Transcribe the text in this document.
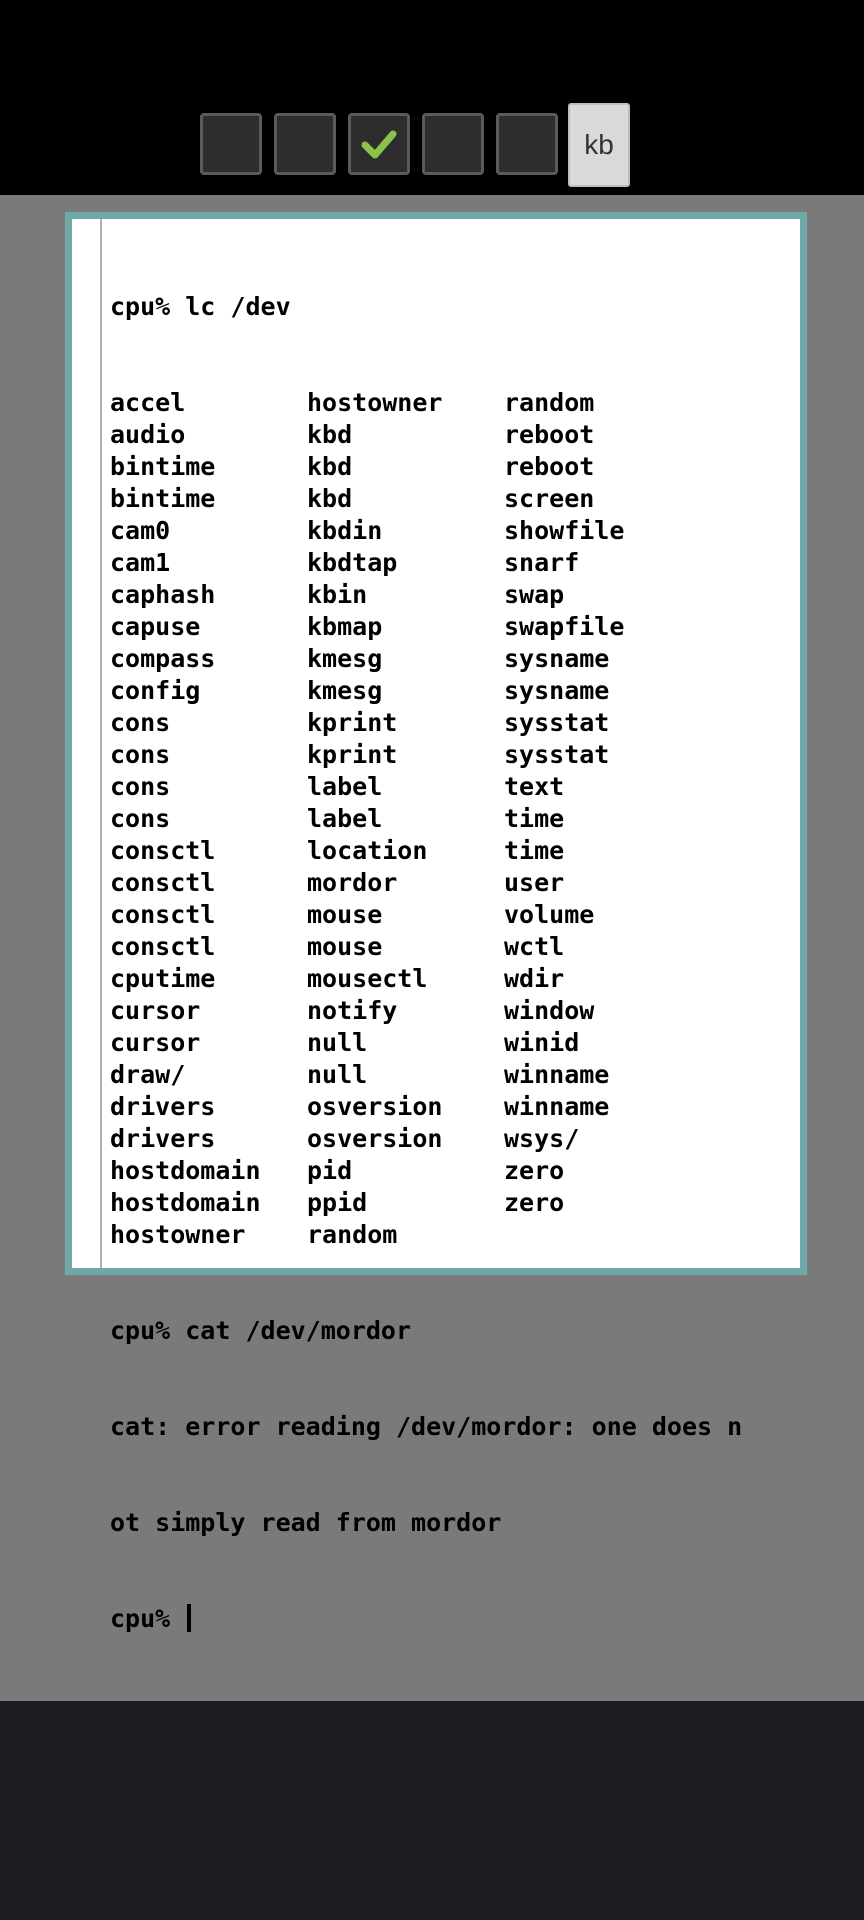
kb

cpu% lc /dev

accel	hostowner	random
audio	kbd	reboot
bintime	kbd	reboot
bintime	kbd	screen
cam0	kbdin	showfile
cam1	kbdtap	snarf
caphash	kbin	swap
capuse	kbmap	swapfile
compass	kmesg	sysname
config	kmesg	sysname
cons	kprint	sysstat
cons	kprint	sysstat
cons	label	text
cons	label	time
consctl	location	time
consctl	mordor	user
consctl	mouse	volume
consctl	mouse	wctl
cputime	mousectl	wdir
cursor	notify	window
cursor	null	winid
draw/	null	winname
drivers	osversion	winname
drivers	osversion	wsys/
hostdomain	pid	zero
hostdomain	ppid	zero
hostowner	random

cpu% cat /dev/mordor

cat: error reading /dev/mordor: one does n

ot simply read from mordor

cpu%
